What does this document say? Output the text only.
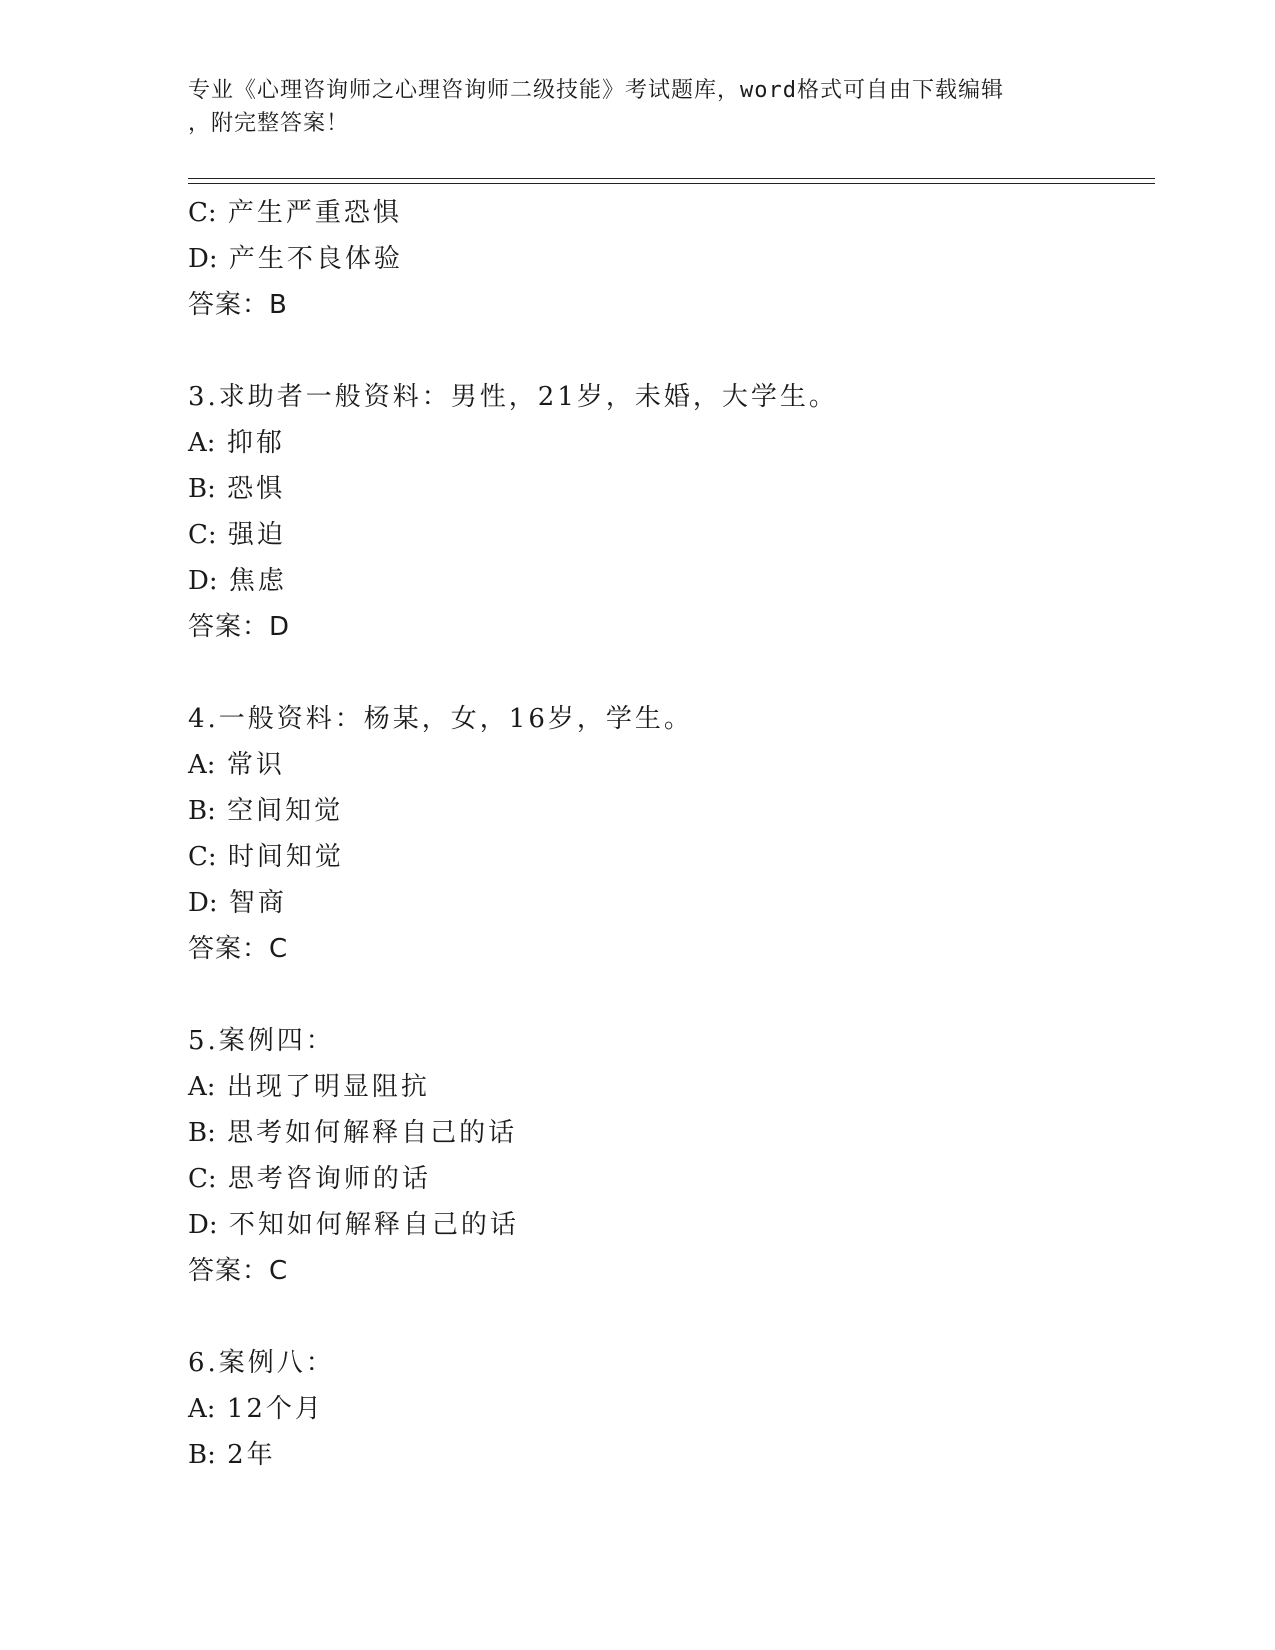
专业《心理咨询师之心理咨询师二级技能》考试题库，word格式可自由下载编辑
，附完整答案！
C: 产生严重恐惧
D: 产生不良体验
答案：B
3.求助者一般资料：男性，21岁，未婚，大学生。
A: 抑郁
B: 恐惧
C: 强迫
D: 焦虑
答案：D
4.一般资料：杨某，女，16岁，学生。
A: 常识
B: 空间知觉
C: 时间知觉
D: 智商
答案：C
5.案例四：
A: 出现了明显阻抗
B: 思考如何解释自己的话
C: 思考咨询师的话
D: 不知如何解释自己的话
答案：C
6.案例八：
A: 12个月
B: 2年
